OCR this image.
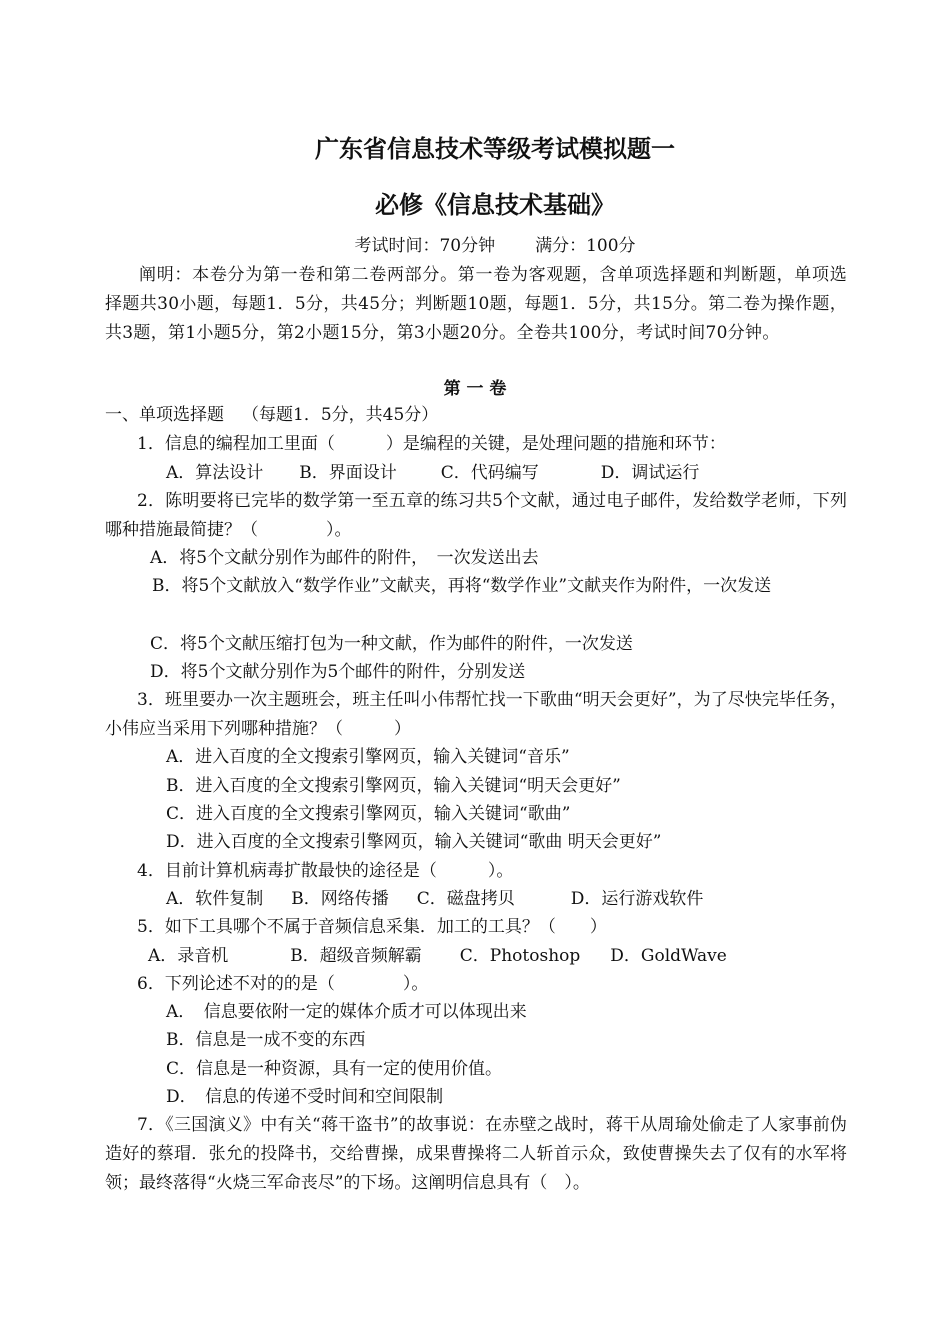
广东省信息技术等级考试模拟题一
必修《信息技术基础》
考试时间：70分钟 满分：100分
阐明：本卷分为第一卷和第二卷两部分。第一卷为客观题，含单项选择题和判断题，单项选择题共30小题，每题1．5分，共45分；判断题10题，每题1．5分，共15分。第二卷为操作题，共3题，第1小题5分，第2小题15分，第3小题20分。全卷共100分，考试时间70分钟。
第 一 卷
一、单项选择题 （每题1．5分，共45分）
1．信息的编程加工里面（　　　）是编程的关键，是处理问题的措施和环节：
A．算法设计 B．界面设计	C．代码编写	D．调试运行
2．陈明要将已完毕的数学第一至五章的练习共5个文献，通过电子邮件，发给数学老师，下列哪种措施最简捷？（　　　　）。
A．将5个文献分别作为邮件的附件，　一次发送出去
B．将5个文献放入“数学作业”文献夹，再将“数学作业”文献夹作为附件，一次发送
C．将5个文献压缩打包为一种文献，作为邮件的附件，一次发送
D．将5个文献分别作为5个邮件的附件，分别发送
3．班里要办一次主题班会，班主任叫小伟帮忙找一下歌曲“明天会更好”，为了尽快完毕任务，小伟应当采用下列哪种措施？（　　　）
A．进入百度的全文搜索引擎网页，输入关键词“音乐”
B．进入百度的全文搜索引擎网页，输入关键词“明天会更好”
C．进入百度的全文搜索引擎网页，输入关键词“歌曲”
D．进入百度的全文搜索引擎网页，输入关键词“歌曲 明天会更好”
4．目前计算机病毒扩散最快的途径是（　　　）。
A．软件复制 B．网络传播 C．磁盘拷贝	D．运行游戏软件
5．如下工具哪个不属于音频信息采集．加工的工具？（　　）
A．录音机	B．超级音频解霸 C．Photoshop D．GoldWave
6．下列论述不对的的是（　　　　）。
A．　信息要依附一定的媒体介质才可以体现出来
B．信息是一成不变的东西
C．信息是一种资源，具有一定的使用价值。
D．　信息的传递不受时间和空间限制
7．《三国演义》中有关“蒋干盗书”的故事说：在赤壁之战时，蒋干从周瑜处偷走了人家事前伪造好的蔡瑁．张允的投降书，交给曹操，成果曹操将二人斩首示众，致使曹操失去了仅有的水军将领；最终落得“火烧三军命丧尽”的下场。这阐明信息具有（　）。
